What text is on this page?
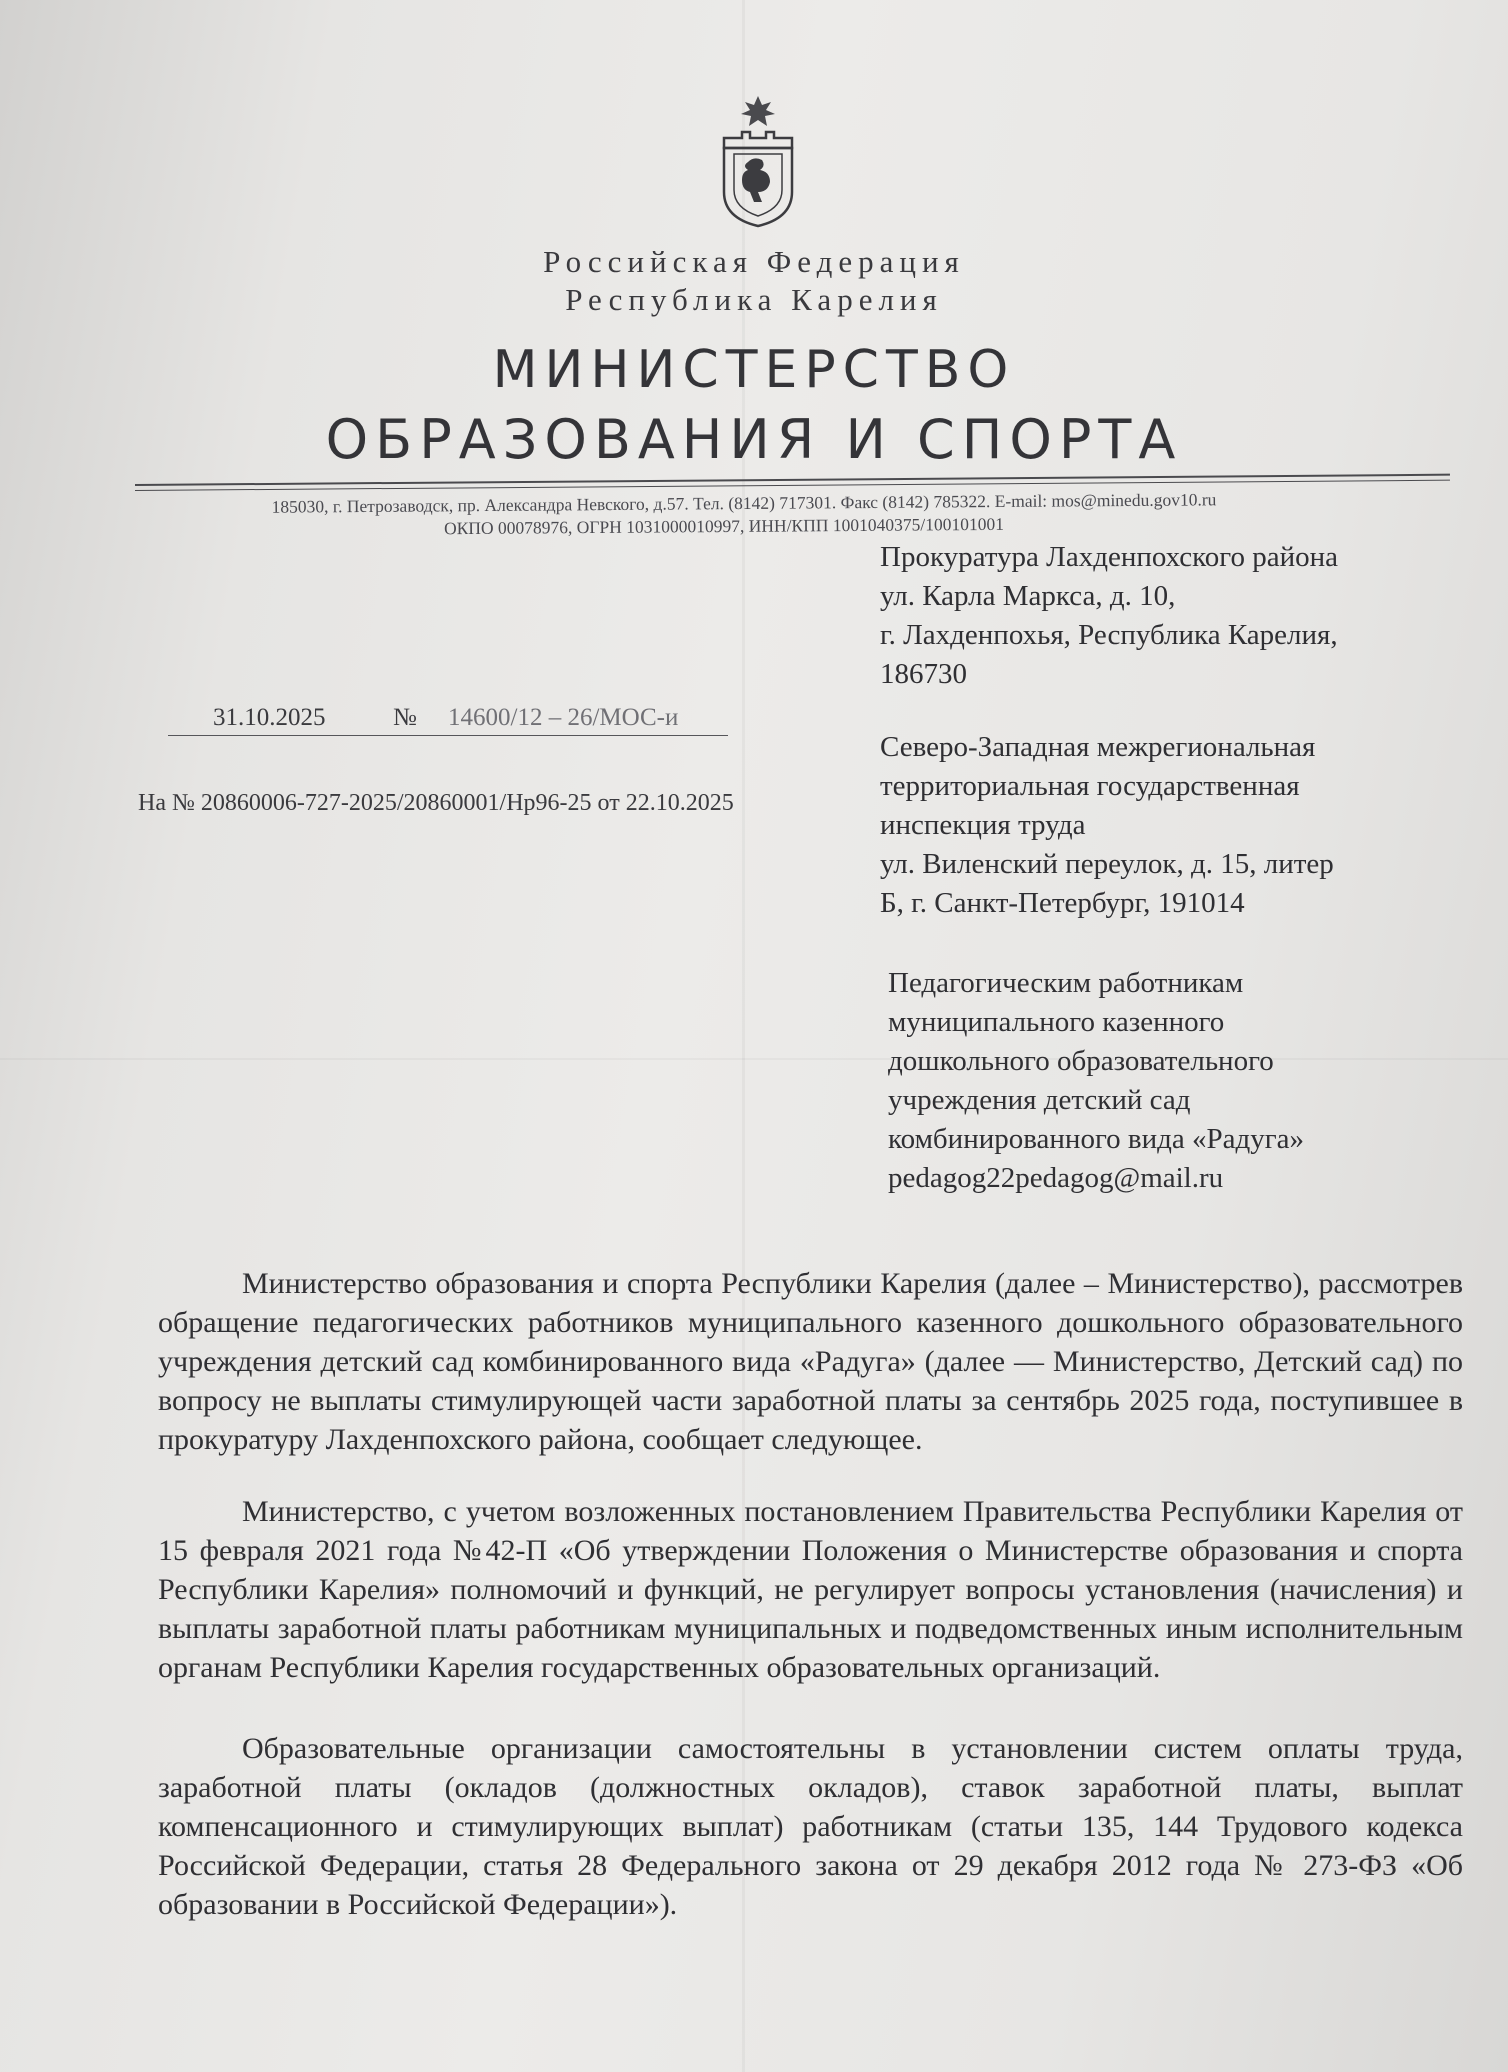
Российская Федерация
Республика Карелия
МИНИСТЕРСТВО
ОБРАЗОВАНИЯ И СПОРТА
185030, г. Петрозаводск, пр. Александра Невского, д.57. Тел. (8142) 717301. Факс (8142) 785322. E-mail: mos@minedu.gov10.ru
ОКПО 00078976, ОГРН 1031000010997, ИНН/КПП 1001040375/100101001
Прокуратура Лахденпохского района
ул. Карла Маркса, д. 10,
г. Лахденпохья, Республика Карелия,
186730
31.10.2025	№ 14600/12 – 26/МОС-и
На № 20860006-727-2025/20860001/Нр96-25 от 22.10.2025
Северо-Западная межрегиональная
территориальная государственная
инспекция труда
ул. Виленский переулок, д. 15, литер
Б, г. Санкт-Петербург, 191014
Педагогическим работникам
муниципального казенного
дошкольного образовательного
учреждения детский сад
комбинированного вида «Радуга»
pedagog22pedagog@mail.ru

Министерство образования и спорта Республики Карелия (далее – Министерство), рассмотрев обращение педагогических работников муниципального казенного дошкольного образовательного учреждения детский сад комбинированного вида «Радуга» (далее — Министерство, Детский сад) по вопросу не выплаты стимулирующей части заработной платы за сентябрь 2025 года, поступившее в прокуратуру Лахденпохского района, сообщает следующее.

Министерство, с учетом возложенных постановлением Правительства Республики Карелия от 15 февраля 2021 года №42-П «Об утверждении Положения о Министерстве образования и спорта Республики Карелия» полномочий и функций, не регулирует вопросы установления (начисления) и выплаты заработной платы работникам муниципальных и подведомственных иным исполнительным органам Республики Карелия государственных образовательных организаций.

Образовательные организации самостоятельны в установлении систем оплаты труда, заработной платы (окладов (должностных окладов), ставок заработной платы, выплат компенсационного и стимулирующих выплат) работникам (статьи 135, 144 Трудового кодекса Российской Федерации, статья 28 Федерального закона от 29 декабря 2012 года № 273-ФЗ «Об образовании в Российской Федерации»).
